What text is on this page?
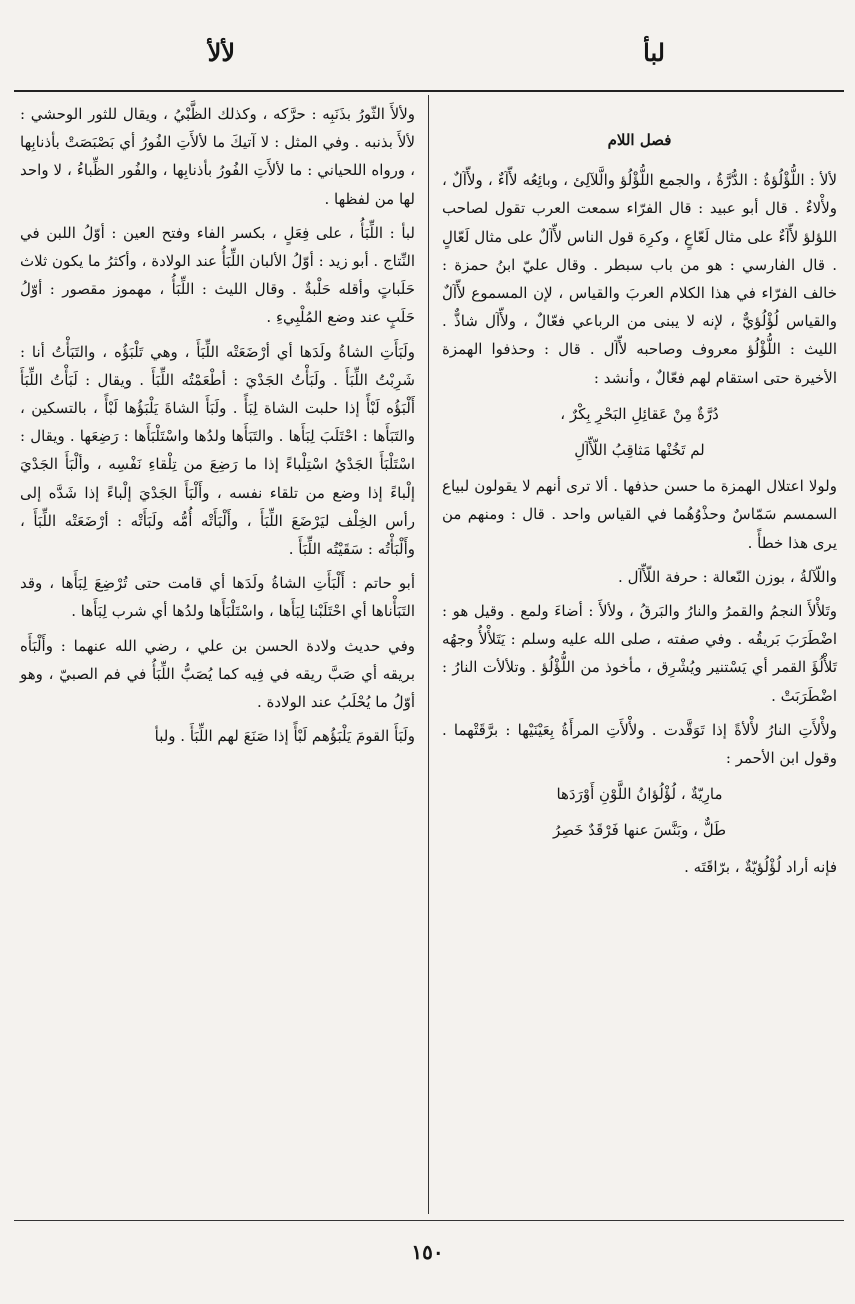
لألأ	لبأ
فصل اللام

لألأ : اللُّؤْلُؤةُ : الدُّرَّةُ ، والجمع اللُّؤْلُؤ والَّلآلِئ ، وبائِعُه لأّآءٌ ، ولأّآلٌ ، ولأْلاءٌ . قال أبو عبيد : قال الفرّاء سمعت العرب تقول لصاحب اللؤلؤ لأّآءٌ على مثال لَعّاعٍ ، وكرِهَ قول الناس لأّآلٌ على مثال لَعّالٍ . قال الفارسي : هو من باب سبطر . وقال عليّ ابنُ حمزة : خالف الفرّاء في هذا الكلام العربَ والقياس ، لإن المسموع لأّآلٌ والقياس لُؤْلُؤيٌّ ، لإنه لا يبنى من الرباعي فعّالٌ ، ولأّآل شاذٌّ . الليث : اللُّؤْلُؤ معروف وصاحبه لأّآل . قال : وحذفوا الهمزة الأخيرة حتى استقام لهم فعّالٌ ، وأنشد :

دُرَّةٌ مِنْ عَقائِلِ البَحْرِ بِكْرٌ ،
لم تَخُنْها مَثاقِبُ اللّأّآلِ

ولولا اعتلال الهمزة ما حسن حذفها . ألا ترى أنهم لا يقولون لبياع السمسم سَمّاسٌ وحذْوُهُما في القياس واحد . قال : ومنهم من يرى هذا خطأً .

واللّآلةُ ، بوزن النّعالة : حرفة اللّأّآل .

وتَلأْلأَ النجمُ والقمرُ والنارُ والبَرقُ ، ولألأَ : أضاءَ ولمع . وقيل هو : اضْطَرَبَ بَريقُه . وفي صفته ، صلى الله عليه وسلم : يَتَلأْلأُ وجهُه تَلأْلُؤَ القمر أي يَسْتنير ويُشْرِق ، مأخوذ من اللُّؤْلُؤ . وتلألأت النارُ : اضْطَرَبَتْ .

ولأْلأَتِ النارُ لأْلأةً إذا تَوَقَّدت . ولأْلأَتِ المرأَةُ بِعَيْنَيْها : برَّقَتْهما . وقول ابن الأحمر :

مارِيّةٌ ، لُؤْلُؤانُ اللَّوْنِ أَوْرَدَها
طَلٌّ ، وبَنَّسَ عنها فَرْقَدٌ خَصِرُ

فإنه أراد لُؤْلُؤيّةٌ ، برّاقَتَه .

ولألأَ الثّورُ بذَنَبِه : حرَّكه ، وكذلك الظَّبْيُ ، ويقال للثور الوحشي : لألأَ بذنبه . وفي المثل : لا آتيكَ ما لألأَتِ الفُورُ أي بَصْبَصَتْ بأذنابِها ، ورواه اللحياني : ما لألأَتِ الفُورُ بأذنابِها ، والفُور الظِّباءُ ، لا واحد لها من لفظها .

لبأ : اللِّبَأُ ، على فِعَلٍ ، بكسر الفاء وفتح العين : أوّلُ اللبن في النِّتاج . أبو زيد : أوّلُ الألبان اللِّبَأُ عند الولادة ، وأكثرُ ما يكون ثلاث حَلَباتٍ وأقله حَلْبةٌ . وقال الليث : اللِّبَأُ ، مهموز مقصور : أوّلُ حَلَبٍ عند وضع المُلْبِيءِ .

ولَبَأَتِ الشاةُ ولَدَها أي أرْضَعَتْه اللِّبَأَ ، وهي تَلْبَؤُه ، والتَبَأْتُ أنا : شَرِبْتُ اللِّبَأَ . ولَبَأْتُ الجَدْيَ : أطْعَمْتُه اللِّبَأَ . ويقال : لَبَأْتُ اللِّبَأَ أَلْبَؤُه لَبْأً إذا حلبت الشاة لِبَأً . ولَبَأَ الشاةَ يَلْبَؤُها لَبْأً ، بالتسكين ، والتَبَأَها : احْتَلَبَ لِبَأَها . والتَبَأَها ولدُها واسْتَلْبَأَها : رَضِعَها . ويقال : اسْتَلْبَأَ الجَدْيُ اسْتِلْباءً إذا ما رَضِعَ من تِلْقاءِ نَفْسِه ، وألْبَأَ الجَدْيَ إلْباءً إذا وضع من تلقاء نفسه ، وأَلْبَأَ الجَدْيَ إلْباءً إذا شَدَّه إلى رأس الخِلْف ليَرْضَعَ اللِّبَأَ ، وأَلْبَأَتْه أُمُّه ولَبَأَتْه : أرْضَعَتْه اللِّبَأَ ، وأَلْبَأْتُه : سَقَيْتُه اللِّبَأَ .

أبو حاتم : أَلْبَأَتِ الشاةُ ولَدَها أي قامت حتى تُرْضِعَ لِبَأَها ، وقد التَبَأْناها أي احْتَلَبْنا لِبَأَها ، واسْتَلْبَأَها ولدُها أي شرب لِبَأَها .

وفي حديث ولادة الحسن بن علي ، رضي الله عنهما : وأَلْبَأَه بريقه أي صَبَّ ريقه في فِيه كما يُصَبُّ اللِّبَأُ في فم الصبيّ ، وهو أوّلُ ما يُحْلَبُ عند الولادة .

ولَبَأَ القومَ يَلْبَؤُهم لَبْأً إذا صَنَعَ لهم اللِّبَأَ . ولبأ

١٥٠
